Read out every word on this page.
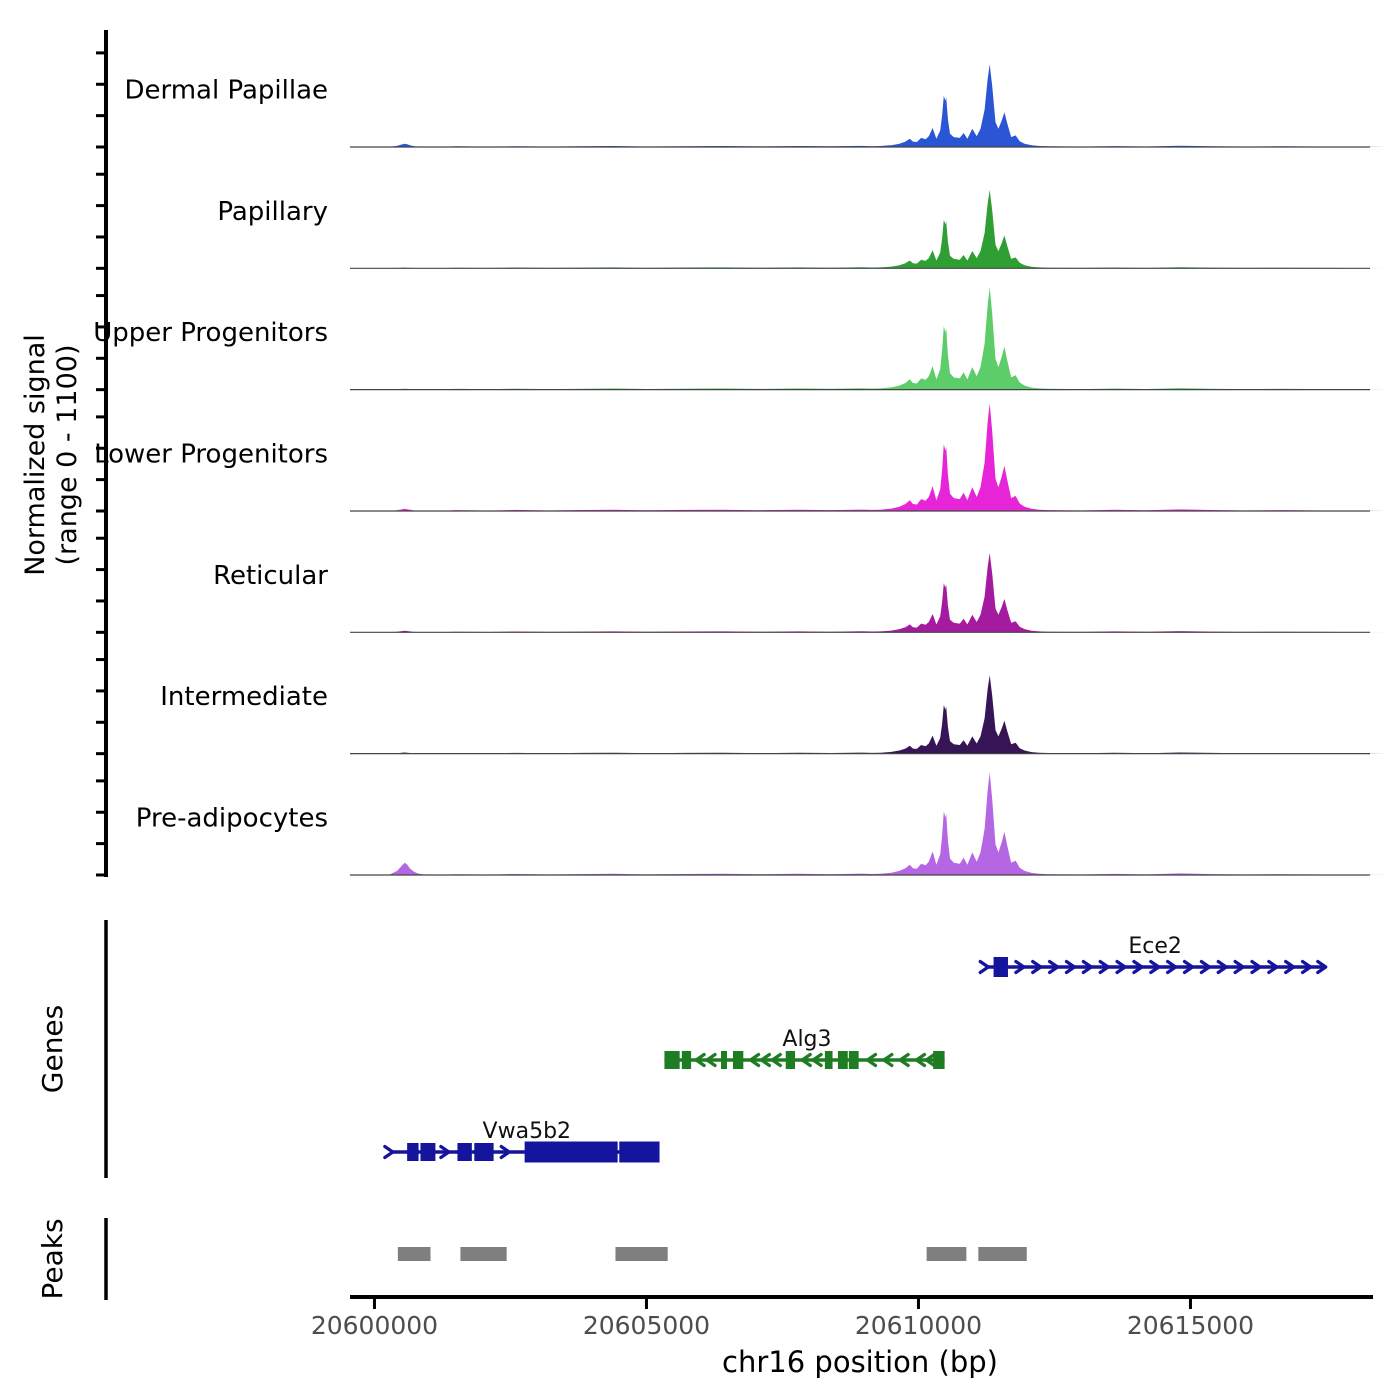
Normalized signal (range 0 - 1100)
Dermal Papillae
Papillary
Upper Progenitors
Lower Progenitors
Reticular
Intermediate
Pre-adipocytes
Genes
Ece2
Alg3
Vwa5b2
Peaks
20600000	20605000	20610000	20615000
chr16 position (bp)
